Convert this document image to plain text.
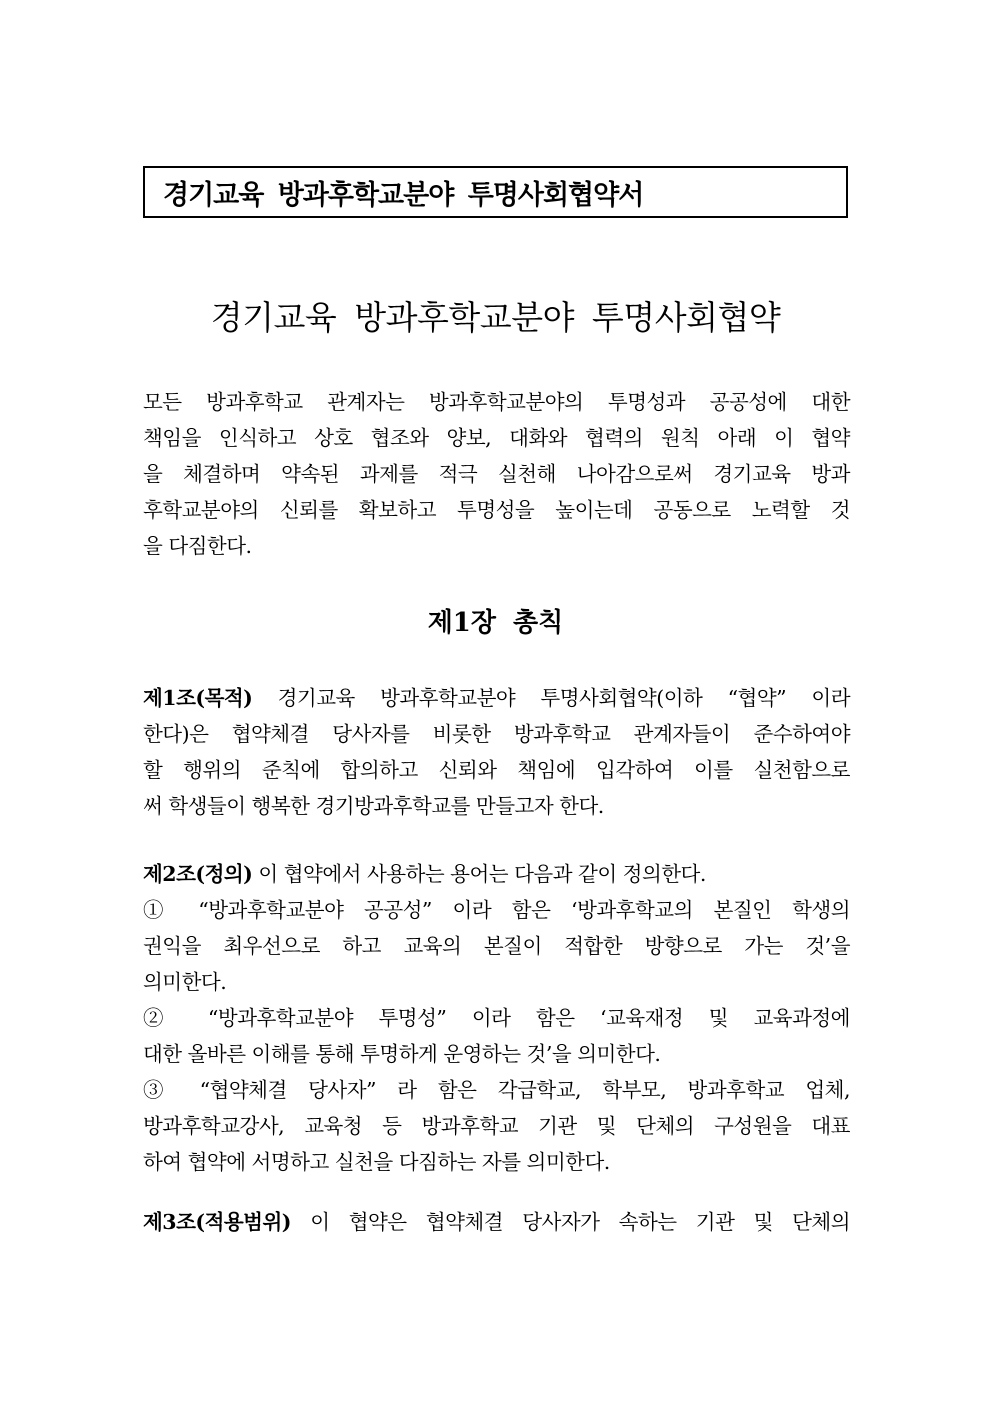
경기교육 방과후학교분야 투명사회협약서
경기교육 방과후학교분야 투명사회협약
모든 방과후학교 관계자는 방과후학교분야의 투명성과 공공성에 대한
책임을 인식하고 상호 협조와 양보, 대화와 협력의 원칙 아래 이 협약
을 체결하며 약속된 과제를 적극 실천해 나아감으로써 경기교육 방과
후학교분야의 신뢰를 확보하고 투명성을 높이는데 공동으로 노력할 것
을 다짐한다.
제1장 총칙
제1조(목적) 경기교육 방과후학교분야 투명사회협약(이하 “협약” 이라
한다)은 협약체결 당사자를 비롯한 방과후학교 관계자들이 준수하여야
할 행위의 준칙에 합의하고 신뢰와 책임에 입각하여 이를 실천함으로
써 학생들이 행복한 경기방과후학교를 만들고자 한다.
제2조(정의) 이 협약에서 사용하는 용어는 다음과 같이 정의한다.
① “방과후학교분야 공공성” 이라 함은 ‘방과후학교의 본질인 학생의
권익을 최우선으로 하고 교육의 본질이 적합한 방향으로 가는 것’을
의미한다.
② “방과후학교분야 투명성” 이라 함은 ‘교육재정 및 교육과정에
대한 올바른 이해를 통해 투명하게 운영하는 것’을 의미한다.
③ “협약체결 당사자” 라 함은 각급학교, 학부모, 방과후학교 업체,
방과후학교강사, 교육청 등 방과후학교 기관 및 단체의 구성원을 대표
하여 협약에 서명하고 실천을 다짐하는 자를 의미한다.
제3조(적용범위) 이 협약은 협약체결 당사자가 속하는 기관 및 단체의
